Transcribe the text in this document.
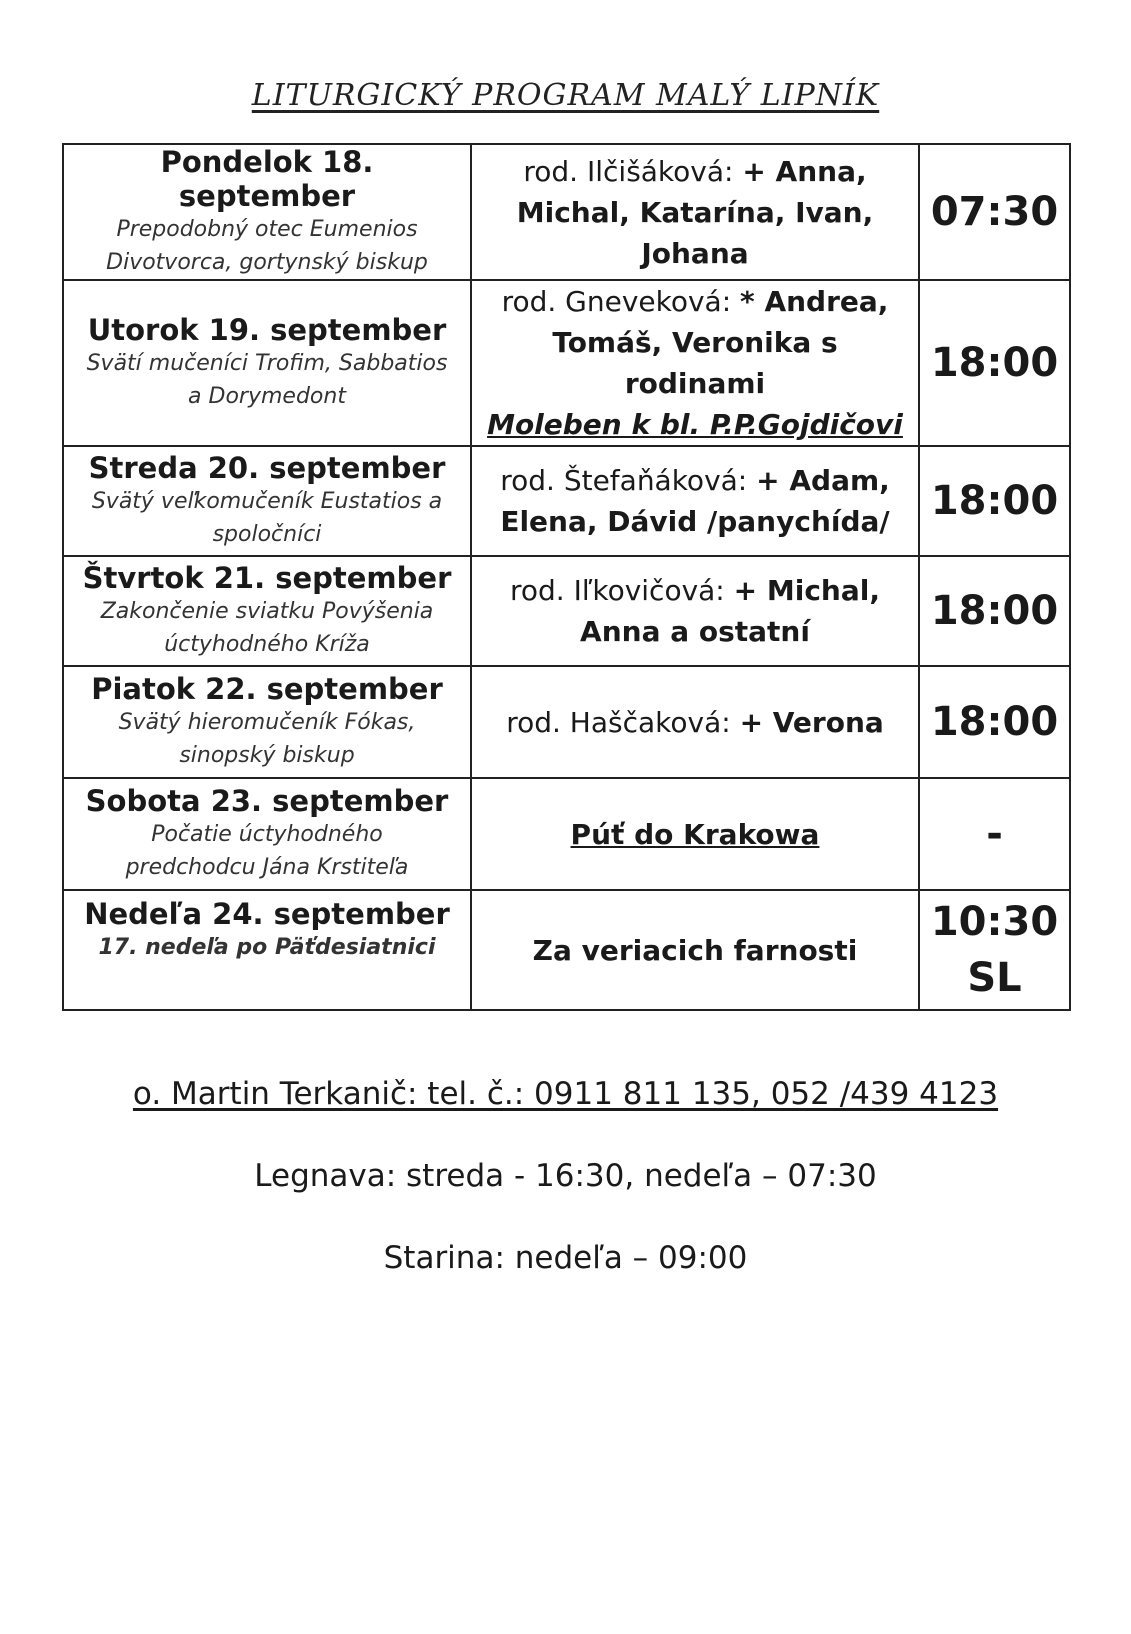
LITURGICKÝ PROGRAM MALÝ LIPNÍK
Pondelok 18. september
Prepodobný otec Eumenios
Divotvorca, gortynský biskup	rod. Ilčišáková: + Anna,
Michal, Katarína, Ivan,
Johana	07:30

Utorok 19. september
Svätí mučeníci Trofim, Sabbatios
a Dorymedont	rod. Gneveková: * Andrea,
Tomáš, Veronika s rodinami
Moleben k bl. P.P.Gojdičovi	18:00

Streda 20. september
Svätý veľkomučeník Eustatios a
spoločníci	rod. Štefaňáková: + Adam,
Elena, Dávid /panychída/	18:00

Štvrtok 21. september
Zakončenie sviatku Povýšenia
úctyhodného Kríža	rod. Iľkovičová: + Michal,
Anna a ostatní	18:00

Piatok 22. september
Svätý hieromučeník Fókas,
sinopský biskup	rod. Haščaková: + Verona	18:00

Sobota 23. september
Počatie úctyhodného
predchodcu Jána Krstiteľa	Púť do Krakowa	-

Nedeľa 24. september
17. nedeľa po Päťdesiatnici	Za veriacich farnosti	10:30
SL
o. Martin Terkanič: tel. č.: 0911 811 135, 052 /439 4123
Legnava: streda - 16:30, nedeľa – 07:30
Starina: nedeľa – 09:00
